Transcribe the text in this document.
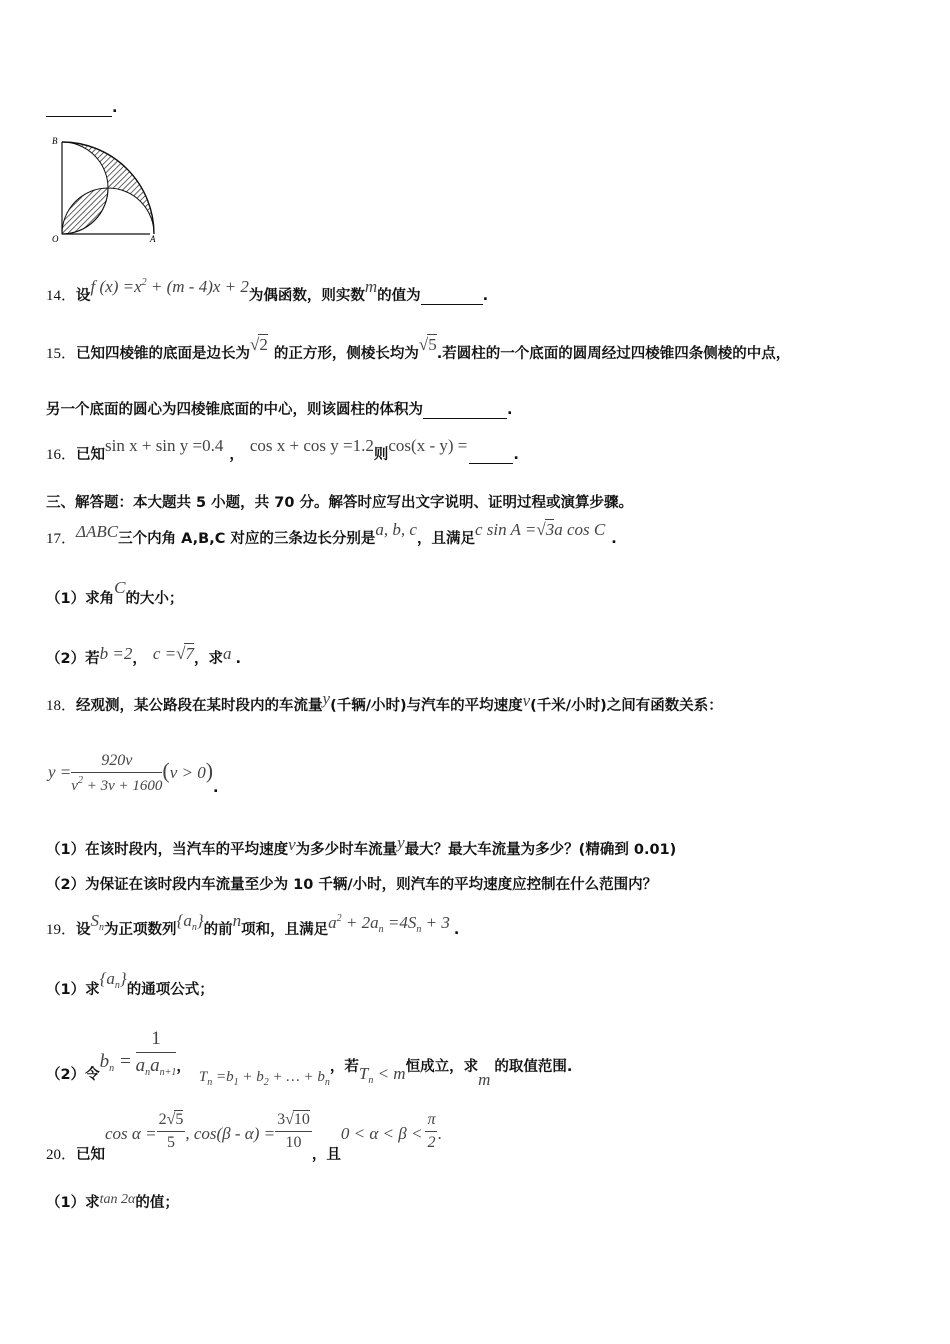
.
B
O	A
14．设f $(x) =x^2 + (m - 4)x + 2$为偶函数，则实数m的值为	.
15．已知四棱锥的底面是边长为√2 的正方形，侧棱长均为√5.若圆柱的一个底面的圆周经过四棱锥四条侧棱的中点，
另一个底面的圆心为四棱锥底面的中心，则该圆柱的体积为	.
16．已知sin x + sin y =0.4 ， cos x + cos y =1.2则cos(x - y) =	.
三、解答题：本大题共 5 小题，共 70 分。解答时应写出文字说明、证明过程或演算步骤。
17．ΔABC三个内角 A,B,C 对应的三条边长分别是a, b, c，且满足c sin A =√3a cos C .
（1）求角C的大小；
（2）若b =2， c =√7，求a .
18．经观测，某公路段在某时段内的车流量y(千辆/小时)与汽车的平均速度v(千米/小时)之间有函数关系：
$y = \frac{920v}{v^2 + 3v + 1600} (v > 0)$.
（1）在该时段内，当汽车的平均速度v为多少时车流量y最大？最大车流量为多少？(精确到 0.01)
（2）为保证在该时段内车流量至少为 10 千辆/小时，则汽车的平均速度应控制在什么范围内？
19．设$S_n$为正项数列$\{a_n\}$的前n项和，且满足$a^2 + 2a_n =4S_n + 3$ .
（1）求$\{a_n\}$的通项公式；
（2）令$b_n = \frac{1}{a_na_{n+1}}$ ，$T_n =b_1 + b_2$ + … + $b_n$，若$T_n < m$恒成立，求m的取值范围.
20．已知$\cos \alpha = \frac{2√5}{5}$ , $\cos(\beta - \alpha) = \frac{3√10}{10}$
，且$0 < \alpha < \beta < \frac{\pi}{2}$ .
（1）求tan 2α的值；
